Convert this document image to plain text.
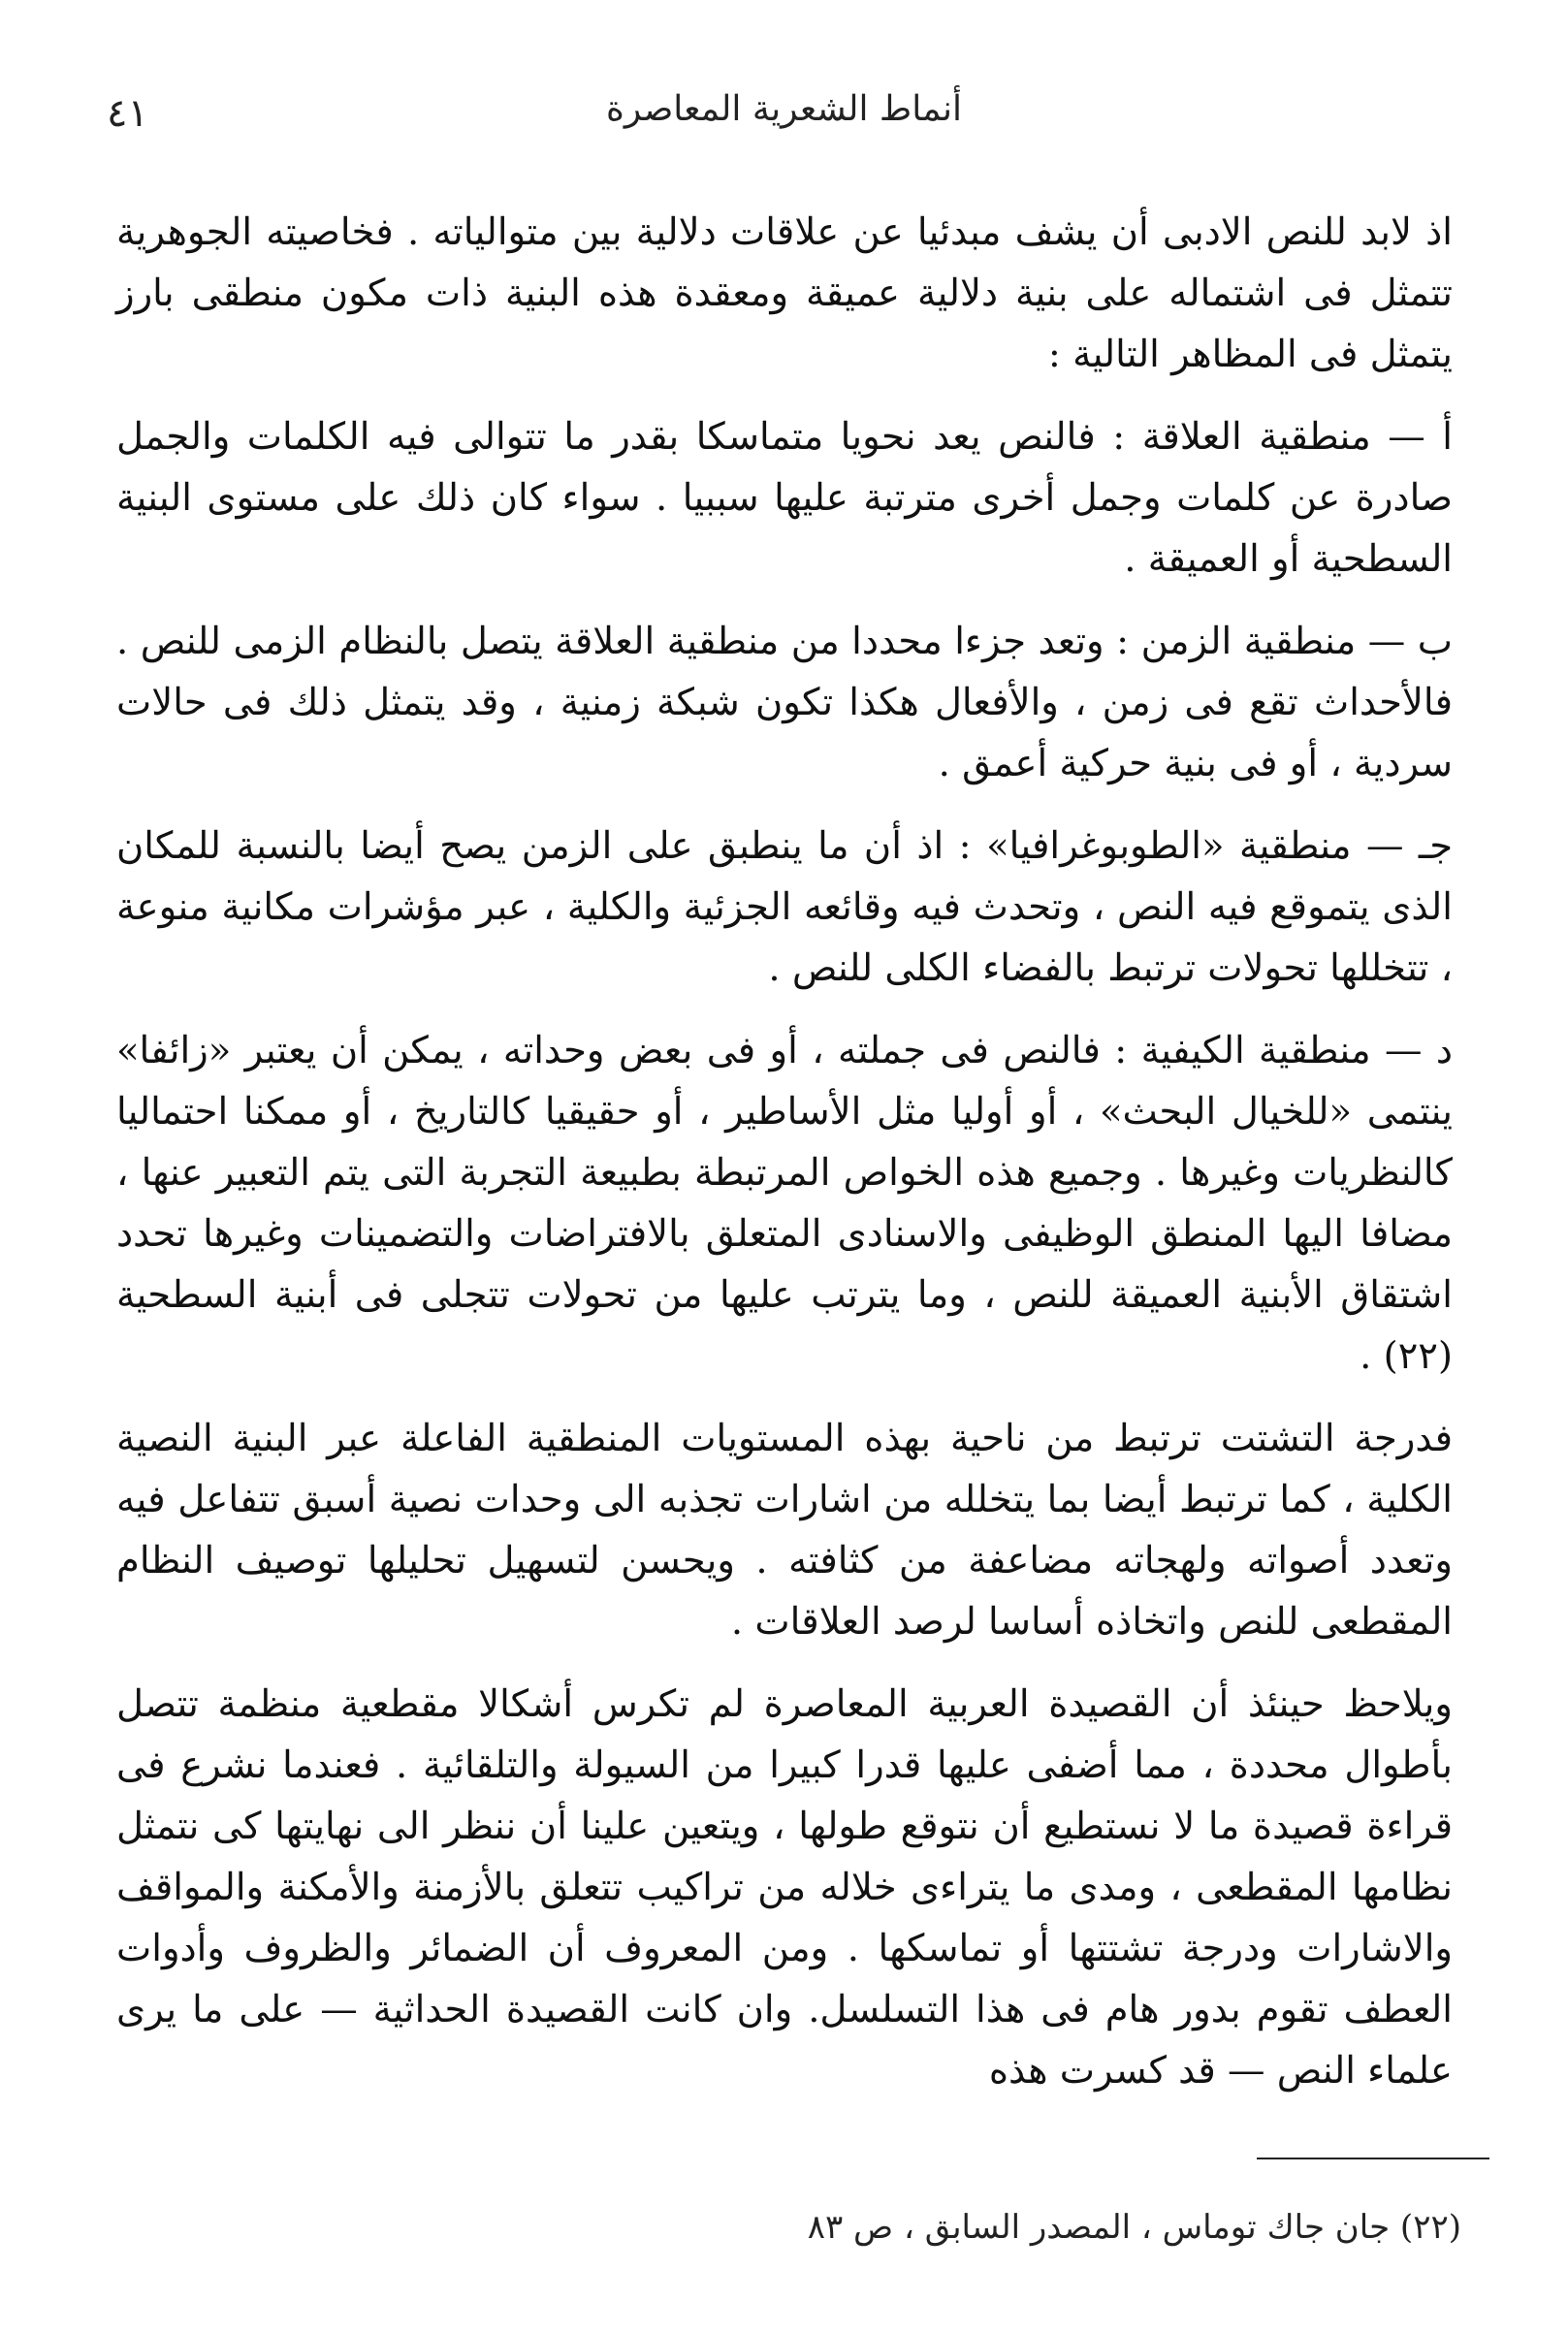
أنماط الشعرية المعاصرة
٤١

اذ لابد للنص الادبى أن يشف مبدئيا عن علاقات دلالية بين متوالياته . فخاصيته الجوهرية تتمثل فى اشتماله على بنية دلالية عميقة ومعقدة هذه البنية ذات مكون منطقى بارز يتمثل فى المظاهر التالية :

أ — منطقية العلاقة : فالنص يعد نحويا متماسكا بقدر ما تتوالى فيه الكلمات والجمل صادرة عن كلمات وجمل أخرى مترتبة عليها سببيا . سواء كان ذلك على مستوى البنية السطحية أو العميقة .

ب — منطقية الزمن : وتعد جزءا محددا من منطقية العلاقة يتصل بالنظام الزمى للنص . فالأحداث تقع فى زمن ، والأفعال هكذا تكون شبكة زمنية ، وقد يتمثل ذلك فى حالات سردية ، أو فى بنية حركية أعمق .

جـ — منطقية «الطوبوغرافيا» : اذ أن ما ينطبق على الزمن يصح أيضا بالنسبة للمكان الذى يتموقع فيه النص ، وتحدث فيه وقائعه الجزئية والكلية ، عبر مؤشرات مكانية منوعة ، تتخللها تحولات ترتبط بالفضاء الكلى للنص .

د — منطقية الكيفية : فالنص فى جملته ، أو فى بعض وحداته ، يمكن أن يعتبر «زائفا» ينتمى «للخيال البحث» ، أو أوليا مثل الأساطير ، أو حقيقيا كالتاريخ ، أو ممكنا احتماليا كالنظريات وغيرها . وجميع هذه الخواص المرتبطة بطبيعة التجربة التى يتم التعبير عنها ، مضافا اليها المنطق الوظيفى والاسنادى المتعلق بالافتراضات والتضمينات وغيرها تحدد اشتقاق الأبنية العميقة للنص ، وما يترتب عليها من تحولات تتجلى فى أبنية السطحية (٢٢) .

فدرجة التشتت ترتبط من ناحية بهذه المستويات المنطقية الفاعلة عبر البنية النصية الكلية ، كما ترتبط أيضا بما يتخلله من اشارات تجذبه الى وحدات نصية أسبق تتفاعل فيه وتعدد أصواته ولهجاته مضاعفة من كثافته . ويحسن لتسهيل تحليلها توصيف النظام المقطعى للنص واتخاذه أساسا لرصد العلاقات .

ويلاحظ حينئذ أن القصيدة العربية المعاصرة لم تكرس أشكالا مقطعية منظمة تتصل بأطوال محددة ، مما أضفى عليها قدرا كبيرا من السيولة والتلقائية . فعندما نشرع فى قراءة قصيدة ما لا نستطيع أن نتوقع طولها ، ويتعين علينا أن ننظر الى نهايتها كى نتمثل نظامها المقطعى ، ومدى ما يتراءى خلاله من تراكيب تتعلق بالأزمنة والأمكنة والمواقف والاشارات ودرجة تشتتها أو تماسكها . ومن المعروف أن الضمائر والظروف وأدوات العطف تقوم بدور هام فى هذا التسلسل. وان كانت القصيدة الحداثية — على ما يرى علماء النص — قد كسرت هذه

(٢٢) جان جاك توماس ، المصدر السابق ، ص ٨٣
